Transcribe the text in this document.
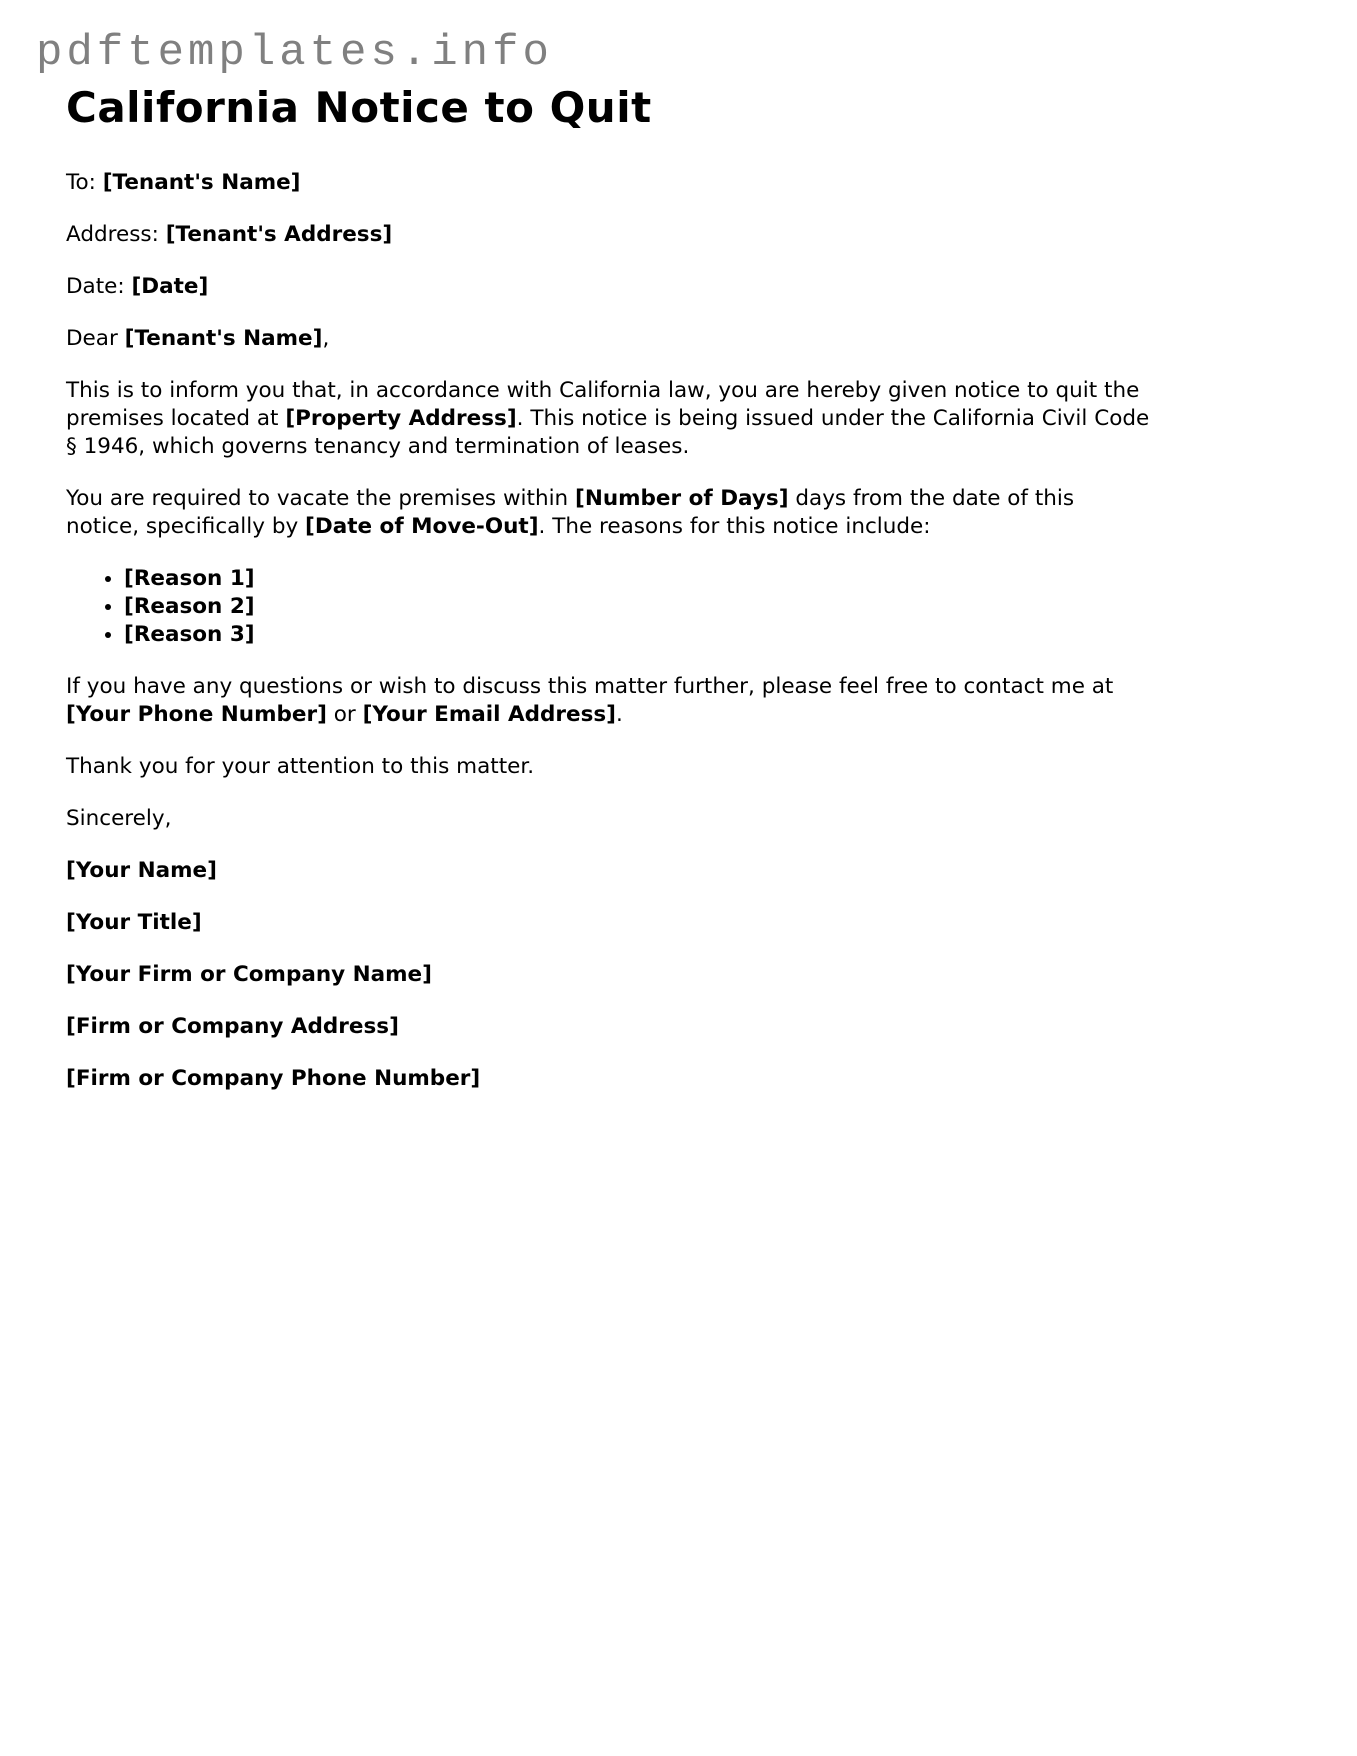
pdftemplates.info
California Notice to Quit

To: [Tenant's Name]

Address: [Tenant's Address]

Date: [Date]

Dear [Tenant's Name],

This is to inform you that, in accordance with California law, you are hereby given notice to quit the premises located at [Property Address]. This notice is being issued under the California Civil Code § 1946, which governs tenancy and termination of leases.

You are required to vacate the premises within [Number of Days] days from the date of this notice, specifically by [Date of Move-Out]. The reasons for this notice include:

• [Reason 1]
• [Reason 2]
• [Reason 3]

If you have any questions or wish to discuss this matter further, please feel free to contact me at [Your Phone Number] or [Your Email Address].

Thank you for your attention to this matter.

Sincerely,

[Your Name]

[Your Title]

[Your Firm or Company Name]

[Firm or Company Address]

[Firm or Company Phone Number]
